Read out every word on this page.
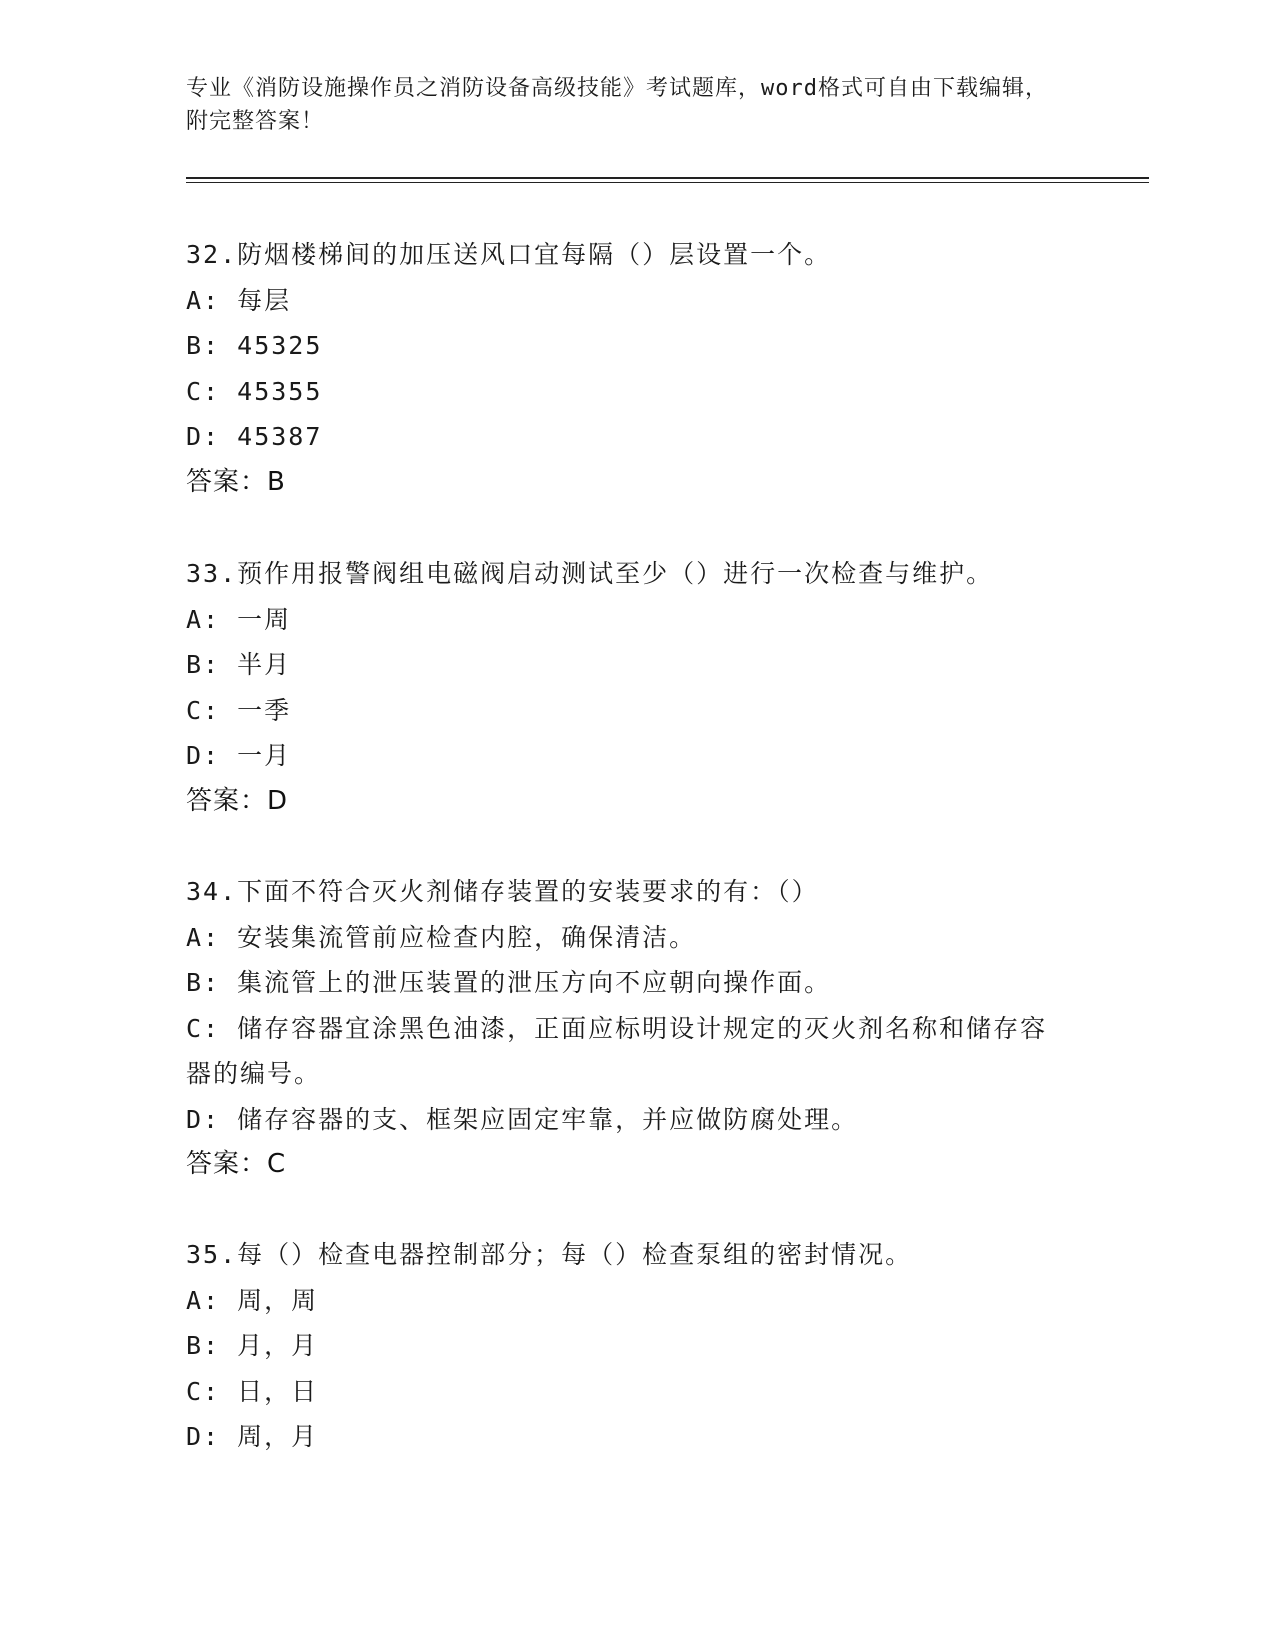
专业《消防设施操作员之消防设备高级技能》考试题库，word格式可自由下载编辑，附完整答案！
32.防烟楼梯间的加压送风口宜每隔（）层设置一个。
A: 每层
B: 45325
C: 45355
D: 45387
答案：B
33.预作用报警阀组电磁阀启动测试至少（）进行一次检查与维护。
A: 一周
B: 半月
C: 一季
D: 一月
答案：D
34.下面不符合灭火剂储存装置的安装要求的有：（）
A: 安装集流管前应检查内腔，确保清洁。
B: 集流管上的泄压装置的泄压方向不应朝向操作面。
C: 储存容器宜涂黑色油漆，正面应标明设计规定的灭火剂名称和储存容器的编号。
D: 储存容器的支、框架应固定牢靠，并应做防腐处理。
答案：C
35.每（）检查电器控制部分；每（）检查泵组的密封情况。
A: 周，周
B: 月，月
C: 日，日
D: 周，月
